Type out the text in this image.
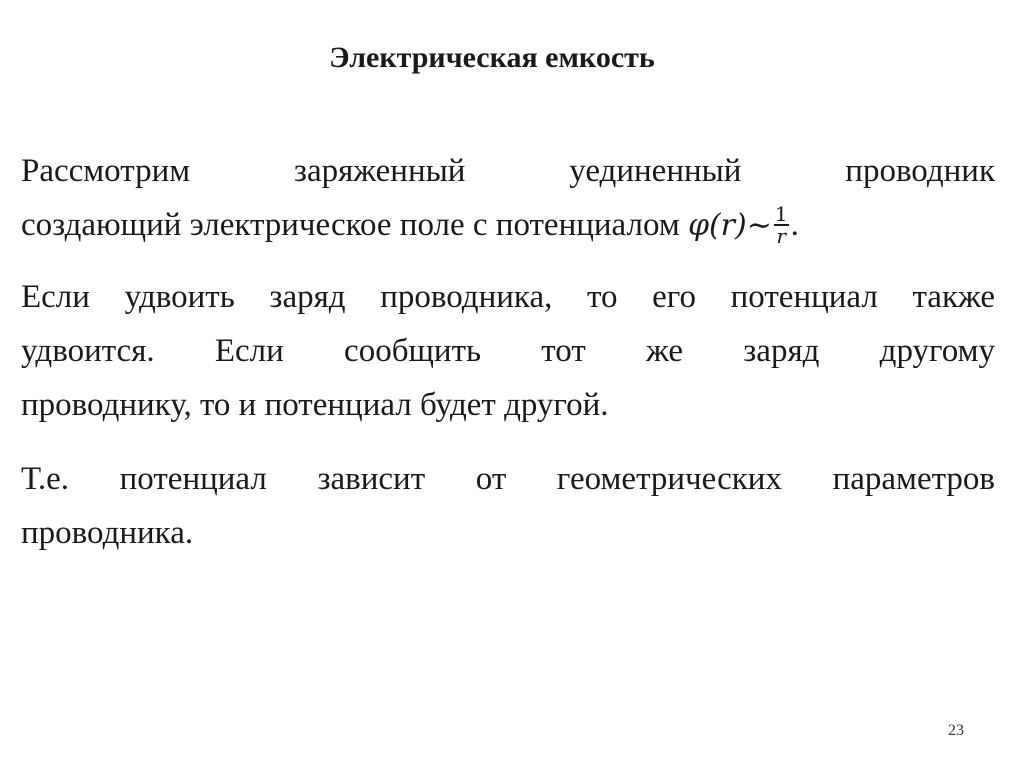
Электрическая емкость

Рассмотрим заряженный уединенный проводник
создающий электрическое поле с потенциалом φ(r)∼ $\frac{1}{r}$ .

Если удвоить заряд проводника, то его потенциал также
удвоится. Если сообщить тот же заряд другому
проводнику, то и потенциал будет другой.

Т.е. потенциал зависит от геометрических параметров
проводника.

23
